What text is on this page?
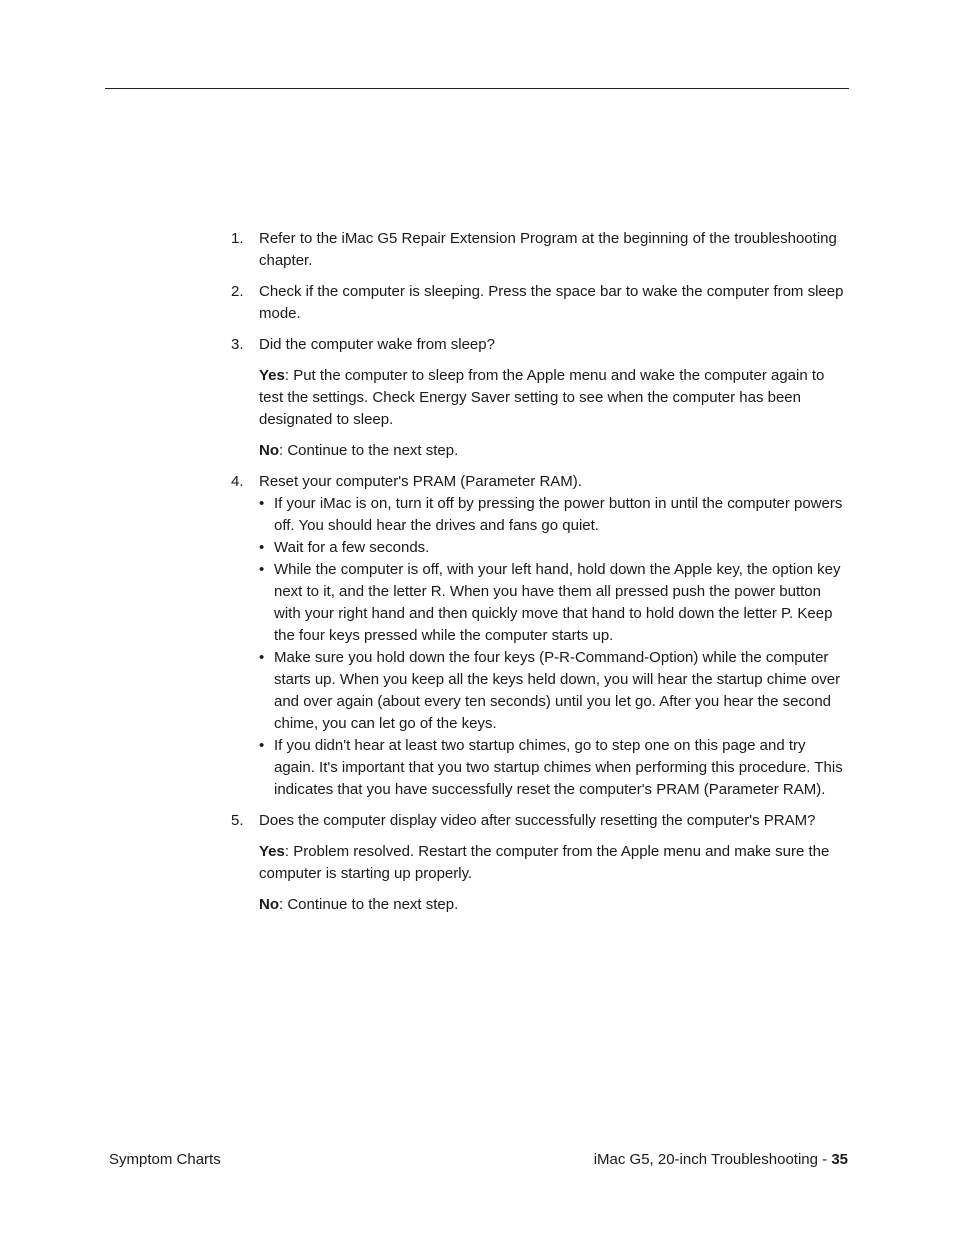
1. Refer to the iMac G5 Repair Extension Program at the beginning of the troubleshooting chapter.
2. Check if the computer is sleeping. Press the space bar to wake the computer from sleep mode.
3. Did the computer wake from sleep?
Yes: Put the computer to sleep from the Apple menu and wake the computer again to test the settings. Check Energy Saver setting to see when the computer has been designated to sleep.
No: Continue to the next step.
4. Reset your computer's PRAM (Parameter RAM).
• If your iMac is on, turn it off by pressing the power button in until the computer powers off. You should hear the drives and fans go quiet.
• Wait for a few seconds.
• While the computer is off, with your left hand, hold down the Apple key, the option key next to it, and the letter R. When you have them all pressed push the power button with your right hand and then quickly move that hand to hold down the letter P. Keep the four keys pressed while the computer starts up.
• Make sure you hold down the four keys (P-R-Command-Option) while the computer starts up. When you keep all the keys held down, you will hear the startup chime over and over again (about every ten seconds) until you let go. After you hear the second chime, you can let go of the keys.
• If you didn't hear at least two startup chimes, go to step one on this page and try again. It's important that you two startup chimes when performing this procedure. This indicates that you have successfully reset the computer's PRAM (Parameter RAM).
5. Does the computer display video after successfully resetting the computer's PRAM?
Yes: Problem resolved. Restart the computer from the Apple menu and make sure the computer is starting up properly.
No: Continue to the next step.
Symptom Charts	iMac G5, 20-inch Troubleshooting - 35
